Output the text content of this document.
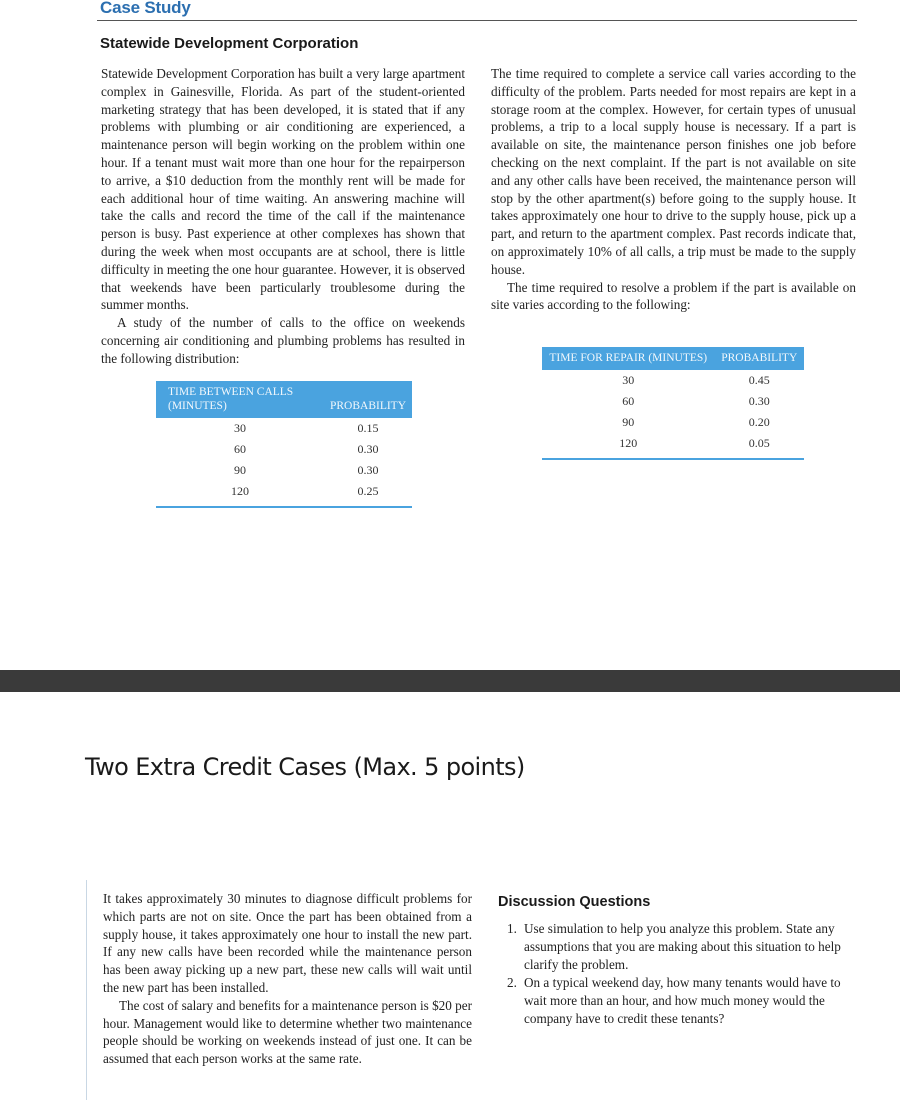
Case Study
Statewide Development Corporation

Statewide Development Corporation has built a very large apartment complex in Gainesville, Florida. As part of the student-oriented marketing strategy that has been developed, it is stated that if any problems with plumbing or air conditioning are experienced, a maintenance person will begin working on the problem within one hour. If a tenant must wait more than one hour for the repairperson to arrive, a $10 deduction from the monthly rent will be made for each additional hour of time waiting. An answering machine will take the calls and record the time of the call if the maintenance person is busy. Past experience at other complexes has shown that during the week when most occupants are at school, there is little difficulty in meeting the one hour guarantee. However, it is observed that weekends have been particularly troublesome during the summer months.

A study of the number of calls to the office on weekends concerning air conditioning and plumbing problems has resulted in the following distribution:

The time required to complete a service call varies according to the difficulty of the problem. Parts needed for most repairs are kept in a storage room at the complex. However, for certain types of unusual problems, a trip to a local supply house is necessary. If a part is available on site, the maintenance person finishes one job before checking on the next complaint. If the part is not available on site and any other calls have been received, the maintenance person will stop by the other apartment(s) before going to the supply house. It takes approximately one hour to drive to the supply house, pick up a part, and return to the apartment complex. Past records indicate that, on approximately 10% of all calls, a trip must be made to the supply house.

The time required to resolve a problem if the part is available on site varies according to the following:

TIME BETWEEN CALLS (MINUTES)	PROBABILITY
30	0.15
60	0.30
90	0.30
120	0.25
TIME FOR REPAIR (MINUTES)	PROBABILITY
30	0.45
60	0.30
90	0.20
120	0.05
Two Extra Credit Cases (Max. 5 points)

It takes approximately 30 minutes to diagnose difficult problems for which parts are not on site. Once the part has been obtained from a supply house, it takes approximately one hour to install the new part. If any new calls have been recorded while the maintenance person has been away picking up a new part, these new calls will wait until the new part has been installed.

The cost of salary and benefits for a maintenance person is $20 per hour. Management would like to determine whether two maintenance people should be working on weekends instead of just one. It can be assumed that each person works at the same rate.

Discussion Questions
1. Use simulation to help you analyze this problem. State any assumptions that you are making about this situation to help clarify the problem.
2. On a typical weekend day, how many tenants would have to wait more than an hour, and how much money would the company have to credit these tenants?
